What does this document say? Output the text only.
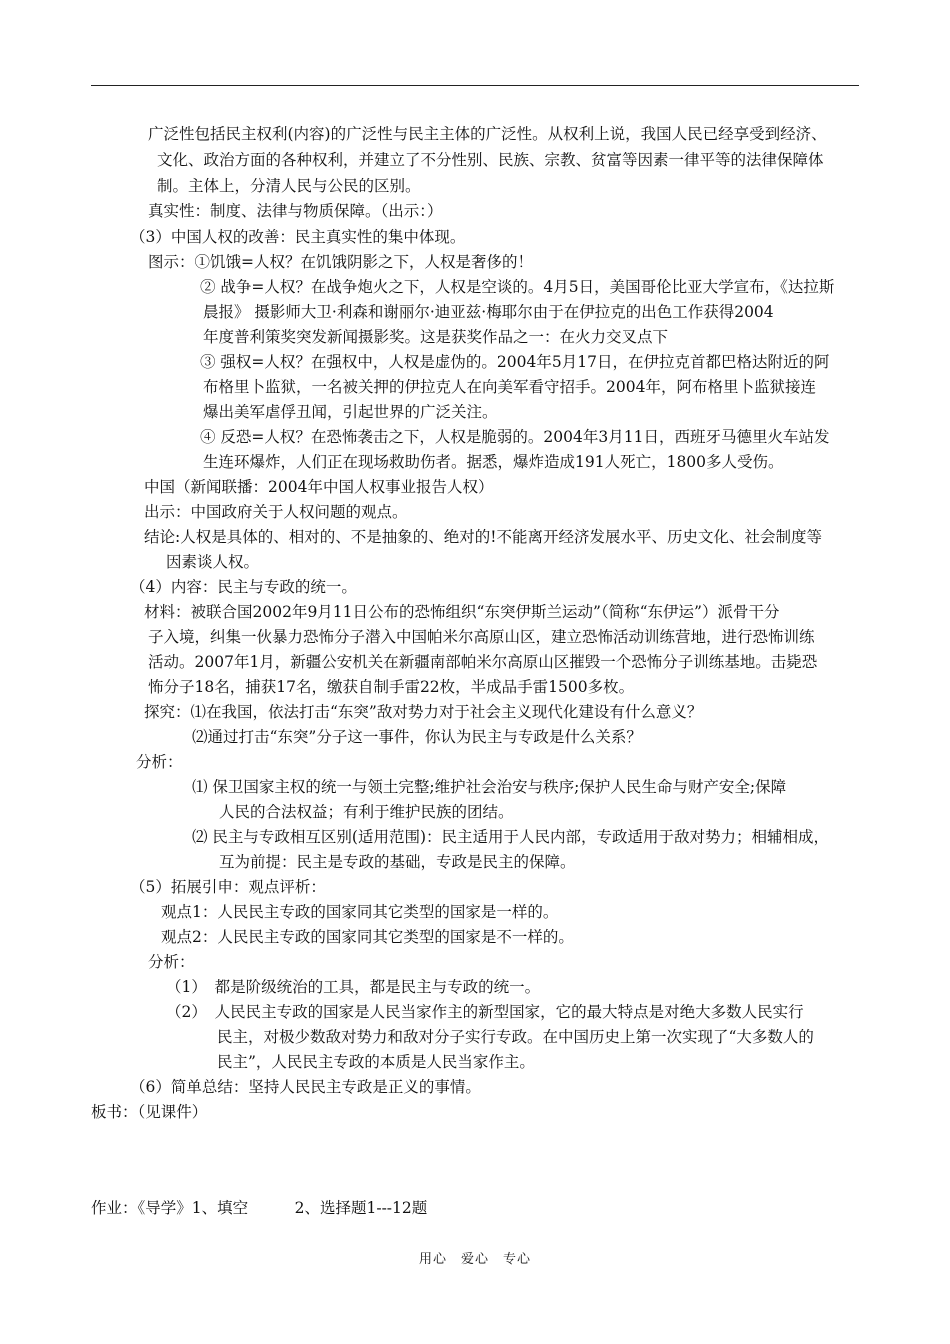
广泛性包括民主权利(内容)的广泛性与民主主体的广泛性。从权利上说，我国人民已经享受到经济、
文化、政治方面的各种权利，并建立了不分性别、民族、宗教、贫富等因素一律平等的法律保障体
制。主体上，分清人民与公民的区别。
真实性：制度、法律与物质保障。（出示：）
（3）中国人权的改善：民主真实性的集中体现。
图示：①饥饿=人权？在饥饿阴影之下，人权是奢侈的！
② 战争=人权？在战争炮火之下，人权是空谈的。4月5日，美国哥伦比亚大学宣布，《达拉斯
晨报》 摄影师大卫·利森和谢丽尔·迪亚兹·梅耶尔由于在伊拉克的出色工作获得2004
年度普利策奖突发新闻摄影奖。这是获奖作品之一：在火力交叉点下
③ 强权=人权？在强权中，人权是虚伪的。2004年5月17日，在伊拉克首都巴格达附近的阿
布格里卜监狱，一名被关押的伊拉克人在向美军看守招手。2004年，阿布格里卜监狱接连
爆出美军虐俘丑闻，引起世界的广泛关注。
④ 反恐=人权？在恐怖袭击之下，人权是脆弱的。2004年3月11日，西班牙马德里火车站发
生连环爆炸，人们正在现场救助伤者。据悉，爆炸造成191人死亡，1800多人受伤。
中国（新闻联播：2004年中国人权事业报告人权）
出示：中国政府关于人权问题的观点。
结论:人权是具体的、相对的、不是抽象的、绝对的!不能离开经济发展水平、历史文化、社会制度等
因素谈人权。
（4）内容：民主与专政的统一。
材料：被联合国2002年9月11日公布的恐怖组织“东突伊斯兰运动”（简称“东伊运”）派骨干分
子入境，纠集一伙暴力恐怖分子潜入中国帕米尔高原山区，建立恐怖活动训练营地，进行恐怖训练
活动。2007年1月，新疆公安机关在新疆南部帕米尔高原山区摧毁一个恐怖分子训练基地。击毙恐
怖分子18名，捕获17名，缴获自制手雷22枚，半成品手雷1500多枚。
探究：⑴在我国，依法打击“东突”敌对势力对于社会主义现代化建设有什么意义？
⑵通过打击“东突”分子这一事件，你认为民主与专政是什么关系？
分析：
⑴ 保卫国家主权的统一与领土完整;维护社会治安与秩序;保护人民生命与财产安全;保障
人民的合法权益；有利于维护民族的团结。
⑵ 民主与专政相互区别(适用范围)：民主适用于人民内部，专政适用于敌对势力；相辅相成，
互为前提：民主是专政的基础，专政是民主的保障。
（5）拓展引申：观点评析：
观点1：人民民主专政的国家同其它类型的国家是一样的。
观点2：人民民主专政的国家同其它类型的国家是不一样的。
分析：
（1）　都是阶级统治的工具，都是民主与专政的统一。
（2）　人民民主专政的国家是人民当家作主的新型国家，它的最大特点是对绝大多数人民实行
民主，对极少数敌对势力和敌对分子实行专政。在中国历史上第一次实现了“大多数人的
民主”，人民民主专政的本质是人民当家作主。
（6）简单总结：坚持人民民主专政是正义的事情。
板书：（见课件）
作业：《导学》1、填空　　　2、选择题1---12题
用心　爱心　专心
